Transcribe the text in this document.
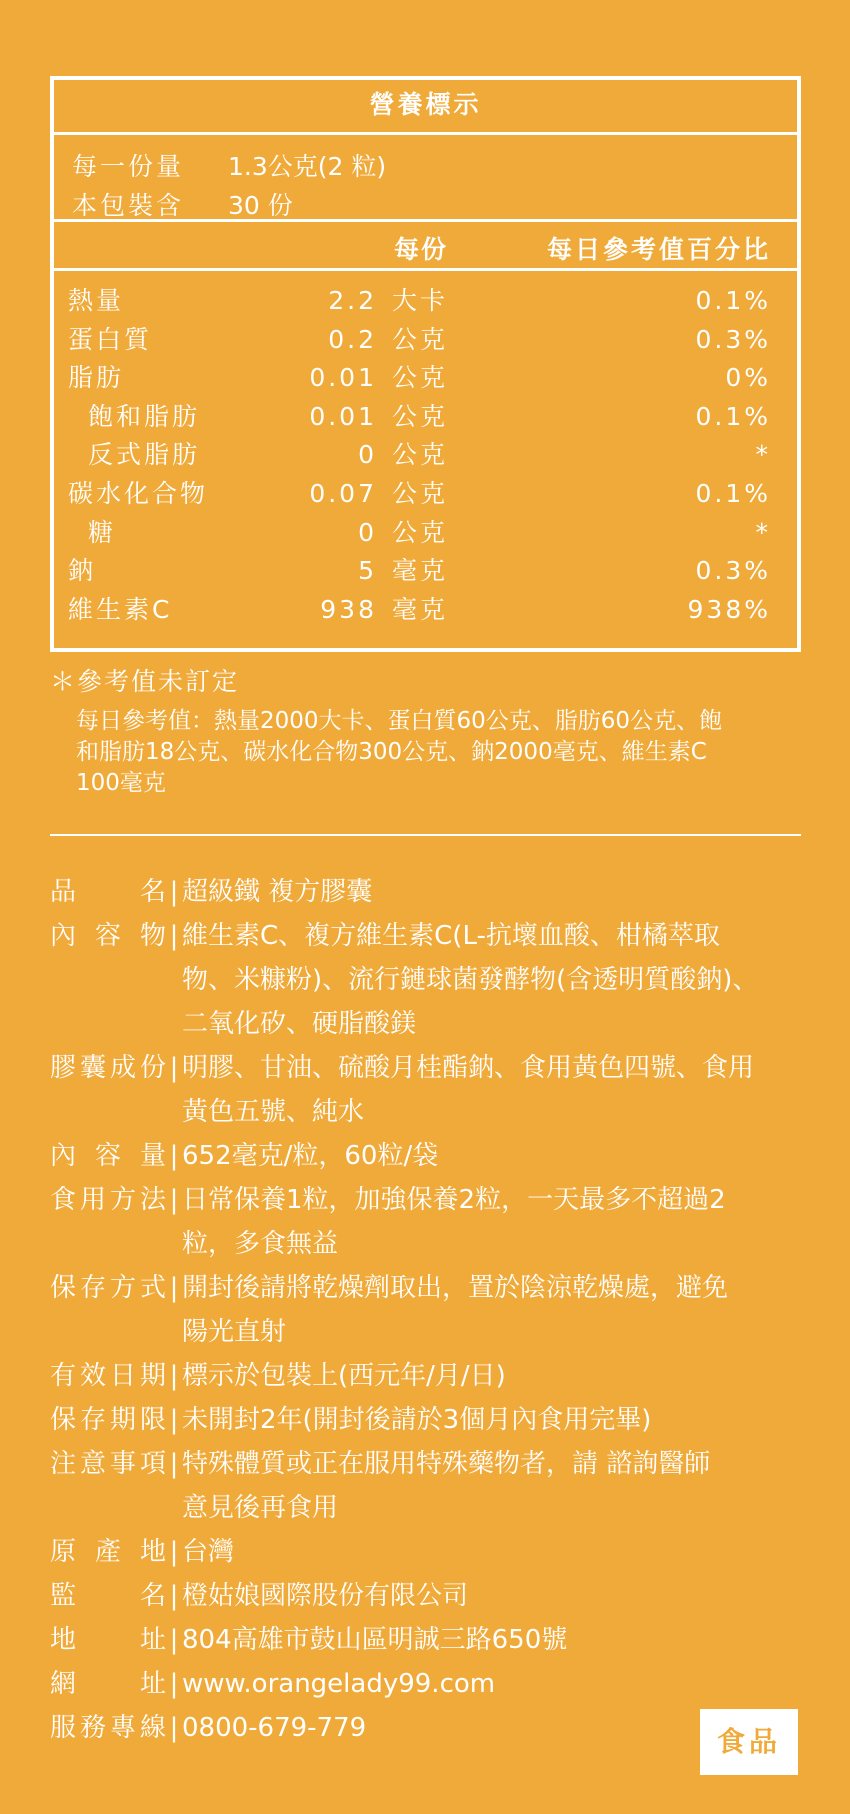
營養標示
每一份量 1.3公克(2 粒)
本包裝含 30 份
每份	每日參考值百分比
熱量	2.2 大卡	0.1%
蛋白質	0.2 公克	0.3%
脂肪	0.01 公克	0%
飽和脂肪	0.01 公克	0.1%
反式脂肪	0 公克	*
碳水化合物	0.07 公克	0.1%
糖	0 公克	*
鈉	5 毫克	0.3%
維生素C	938 毫克	938%
＊參考值未訂定
每日參考值：熱量2000大卡、蛋白質60公克、脂肪60公克、飽
和脂肪18公克、碳水化合物300公克、鈉2000毫克、維生素C
100毫克
品　　名 | 超級鐵 複方膠囊
內 容 物 | 維生素C、複方維生素C(L-抗壞血酸、柑橘萃取
物、米糠粉)、流行鏈球菌發酵物(含透明質酸鈉)、
二氧化矽、硬脂酸鎂
膠囊成份 | 明膠、甘油、硫酸月桂酯鈉、食用黃色四號、食用
黃色五號、純水
內 容 量 | 652毫克/粒，60粒/袋
食用方法 | 日常保養1粒，加強保養2粒，一天最多不超過2
粒，多食無益
保存方式 | 開封後請將乾燥劑取出，置於陰涼乾燥處，避免
陽光直射
有效日期 | 標示於包裝上(西元年/月/日)
保存期限 | 未開封2年(開封後請於3個月內食用完畢)
注意事項 | 特殊體質或正在服用特殊藥物者，請 諮詢醫師
意見後再食用
原 產 地 | 台灣
監　　名 | 橙姑娘國際股份有限公司
地　　址 | 804高雄市鼓山區明誠三路650號
網　　址 | www.orangelady99.com
服務專線 | 0800-679-779	食品
